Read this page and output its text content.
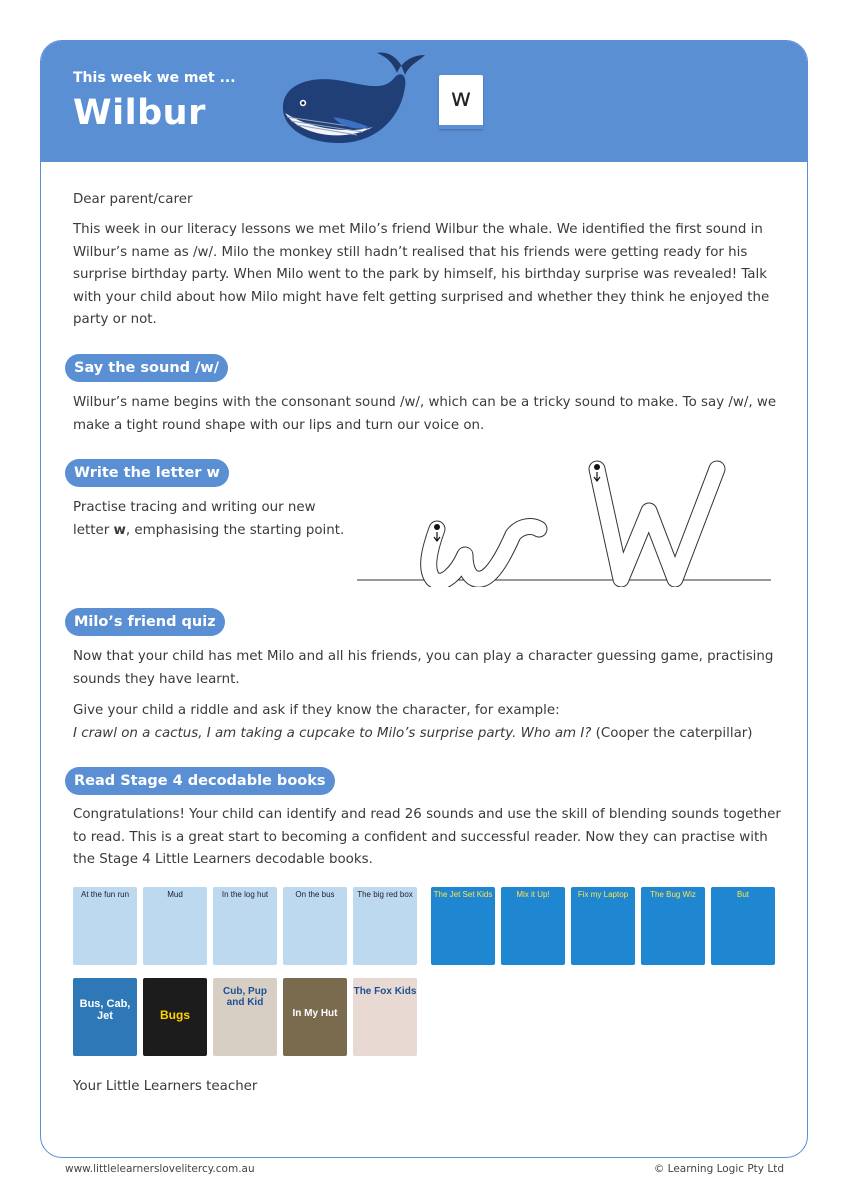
This week we met ...
Wilbur	w

Dear parent/carer

This week in our literacy lessons we met Milo’s friend Wilbur the whale. We identified the first sound in Wilbur’s name as /w/. Milo the monkey still hadn’t realised that his friends were getting ready for his surprise birthday party. When Milo went to the park by himself, his birthday surprise was revealed! Talk with your child about how Milo might have felt getting surprised and whether they think he enjoyed the party or not.

Say the sound /w/

Wilbur’s name begins with the consonant sound /w/, which can be a tricky sound to make. To say /w/, we make a tight round shape with our lips and turn our voice on.

Write the letter w

Practise tracing and writing our new
letter w, emphasising the starting point.

Milo’s friend quiz

Now that your child has met Milo and all his friends, you can play a character guessing game, practising sounds they have learnt.

Give your child a riddle and ask if they know the character, for example:
I crawl on a cactus, I am taking a cupcake to Milo’s surprise party. Who am I? (Cooper the caterpillar)

Read Stage 4 decodable books

Congratulations! Your child can identify and read 26 sounds and use the skill of blending sounds together to read. This is a great start to becoming a confident and successful reader. Now they can practise with the Stage 4 Little Learners decodable books.

At the fun run	Mud	In the log hut	On the bus	The big red box	The Jet Set Kids	Mix it Up!	Fix my Laptop	The Bug Wiz	But
Bus, Cab, Jet	Bugs
Cub, Pup and Kid
In My Hut
The Fox Kids

Your Little Learners teacher

www.littlelearnerslovelitercy.com.au	© Learning Logic Pty Ltd
